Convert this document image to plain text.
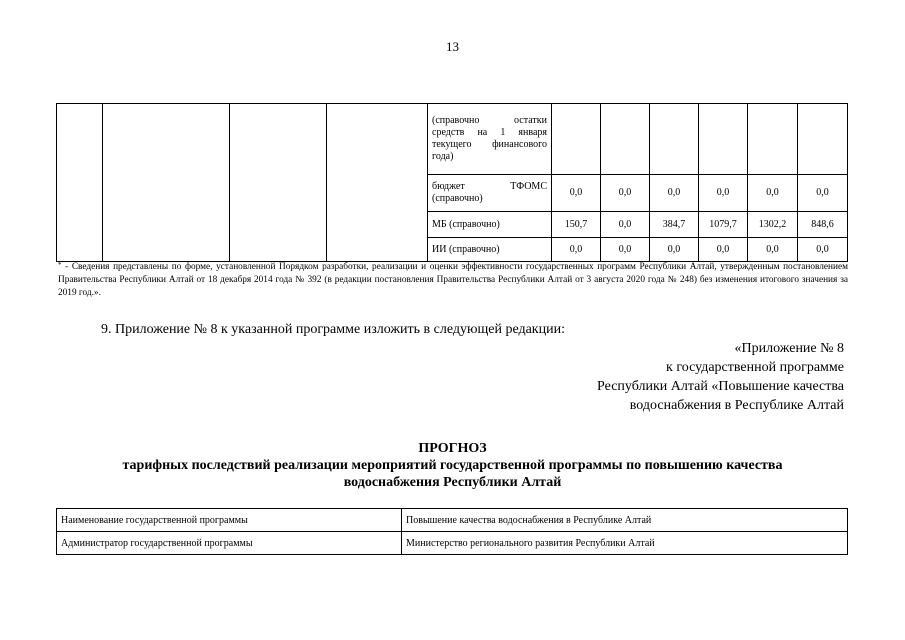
13
				(справочно остатки средств на 1 января текущего финансового года)						
				бюджет ТФОМС (справочно)	0,0	0,0	0,0	0,0	0,0	0,0
				МБ (справочно)	150,7	0,0	384,7	1079,7	1302,2	848,6
				ИИ (справочно)	0,0	0,0	0,0	0,0	0,0	0,0
* - Сведения представлены по форме, установленной Порядком разработки, реализации и оценки эффективности государственных программ Республики Алтай, утвержденным постановлением Правительства Республики Алтай от 18 декабря 2014 года № 392 (в редакции постановления Правительства Республики Алтай от 3 августа 2020 года № 248) без изменения итогового значения за 2019 год.».
9. Приложение № 8 к указанной программе изложить в следующей редакции:
«Приложение № 8
к государственной программе
Республики Алтай «Повышение качества
водоснабжения в Республике Алтай
ПРОГНОЗ
тарифных последствий реализации мероприятий государственной программы по повышению качества
водоснабжения Республики Алтай
Наименование государственной программы	Повышение качества водоснабжения в Республике Алтай
Администратор государственной программы	Министерство регионального развития Республики Алтай
